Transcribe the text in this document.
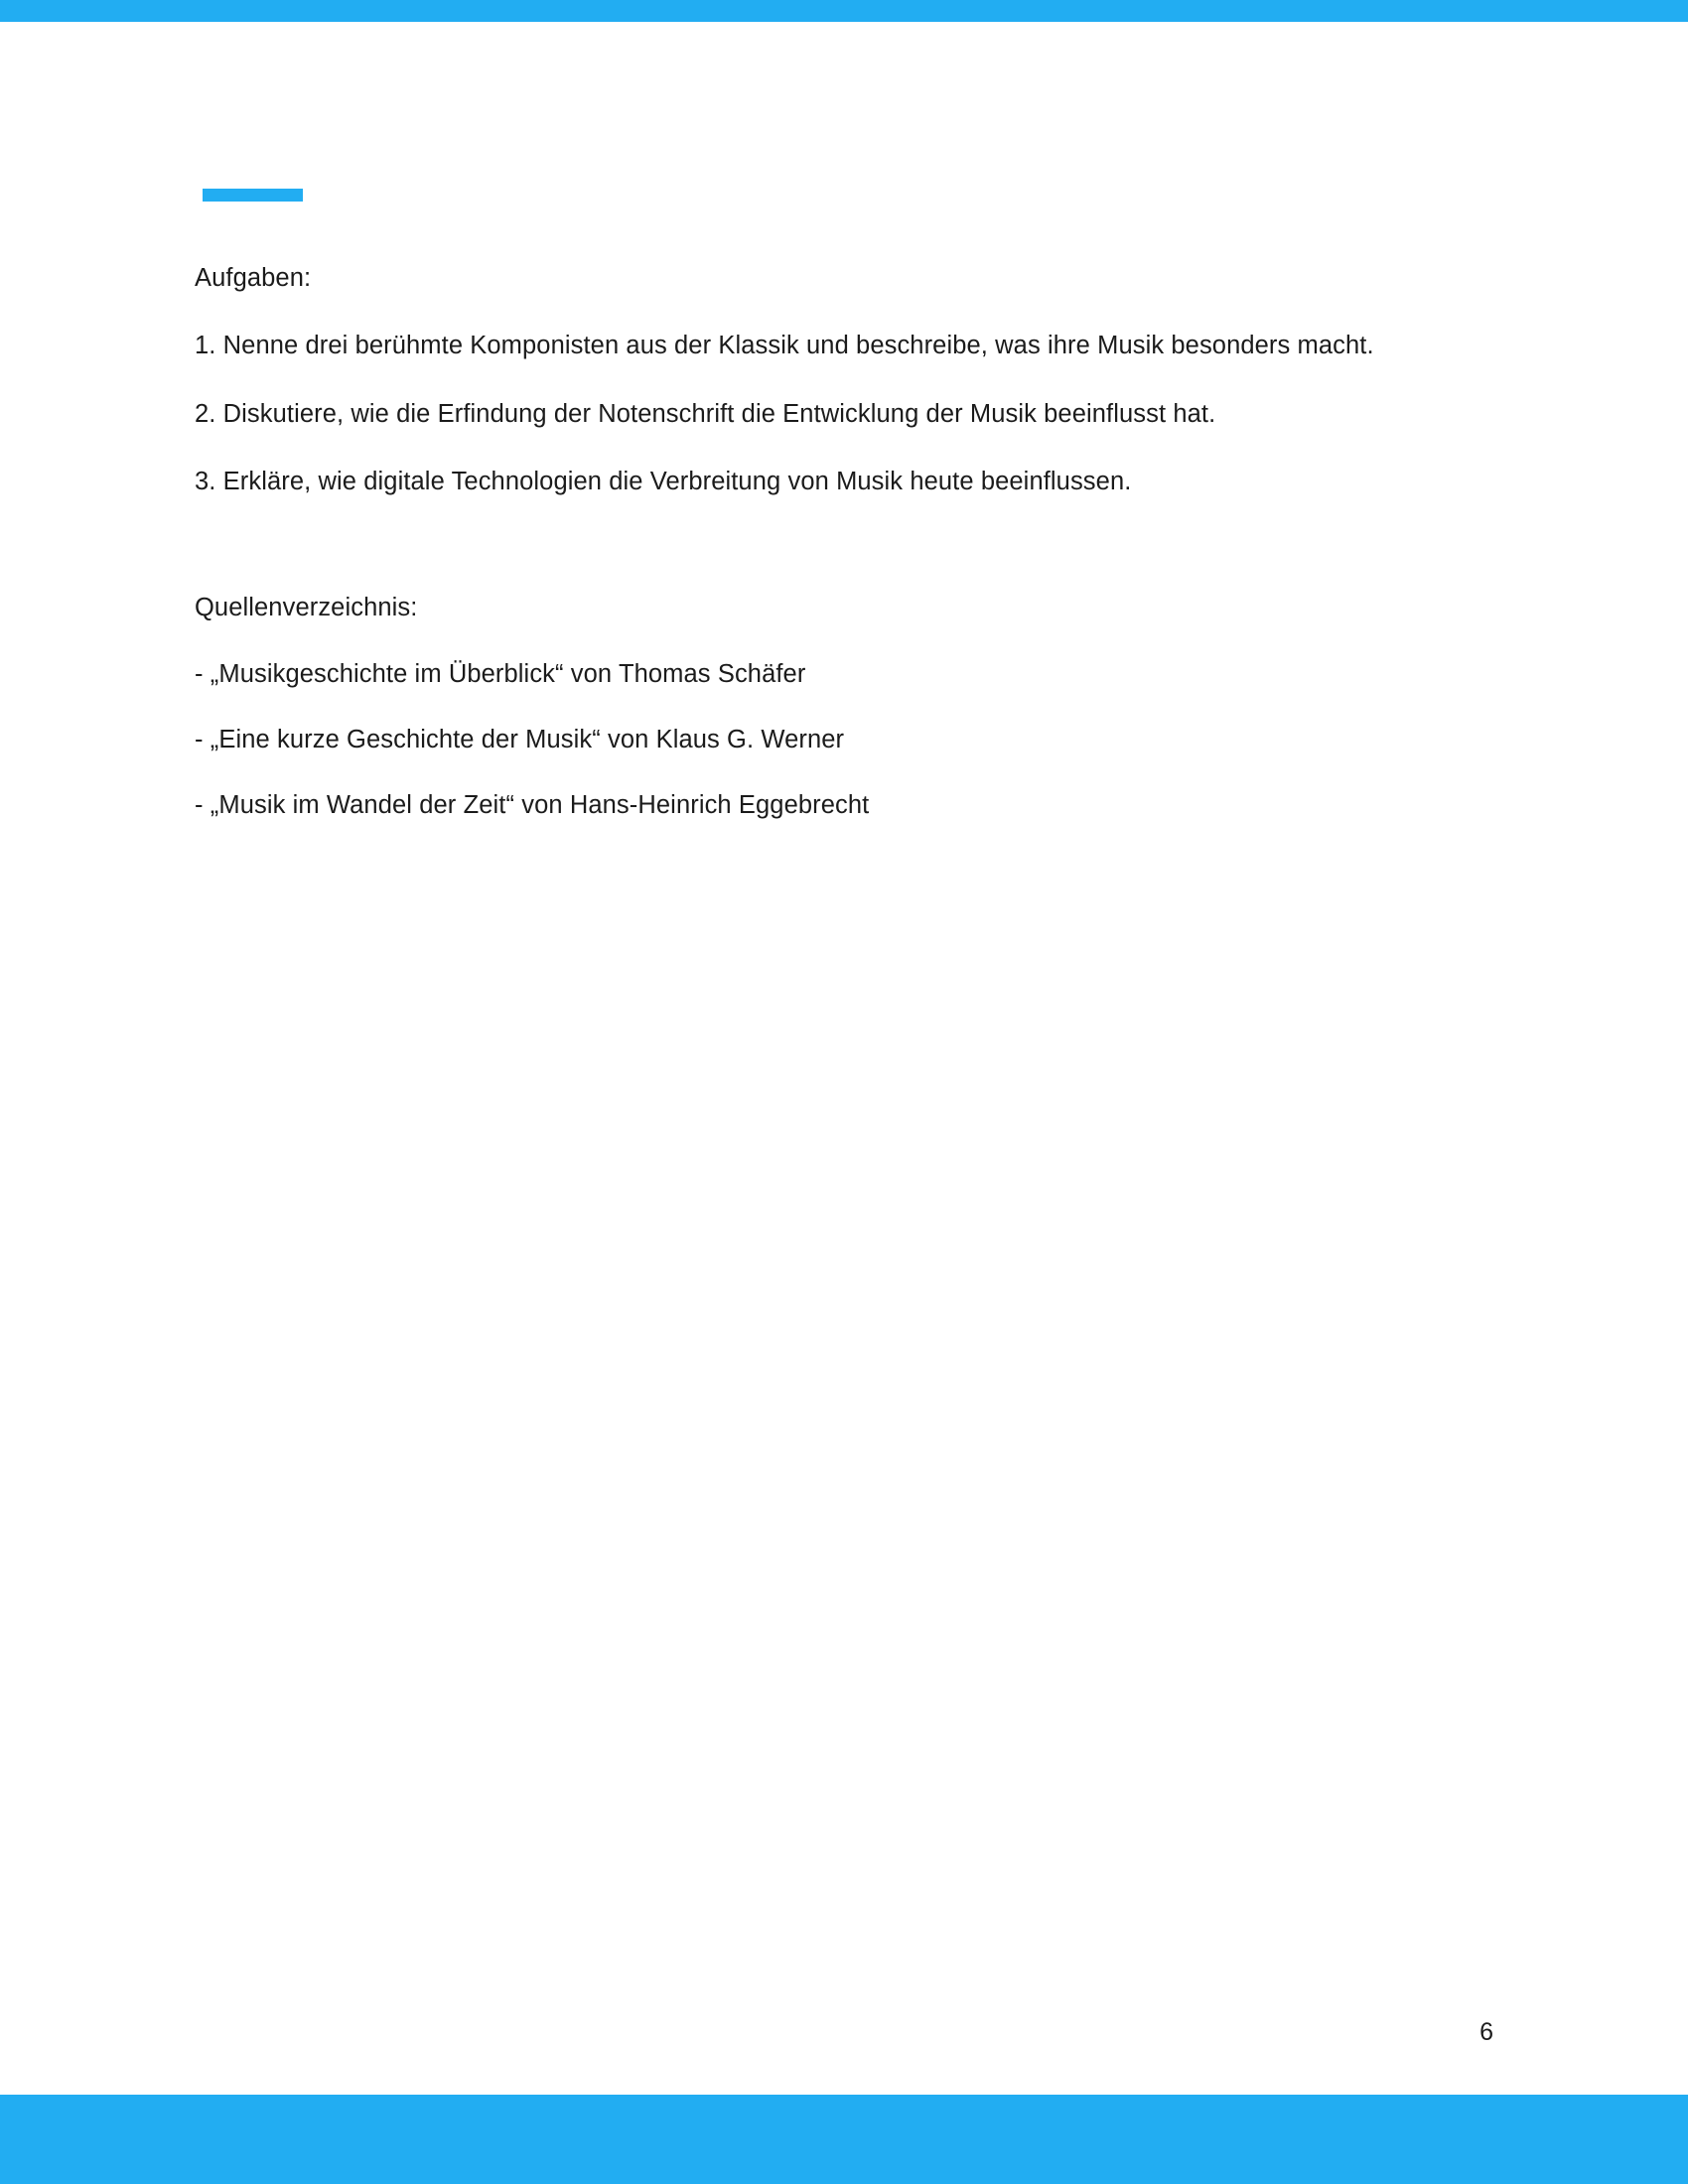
Aufgaben:

1. Nenne drei berühmte Komponisten aus der Klassik und beschreibe, was ihre Musik besonders macht.

2. Diskutiere, wie die Erfindung der Notenschrift die Entwicklung der Musik beeinflusst hat.

3. Erkläre, wie digitale Technologien die Verbreitung von Musik heute beeinflussen.

Quellenverzeichnis:

- „Musikgeschichte im Überblick“ von Thomas Schäfer

- „Eine kurze Geschichte der Musik“ von Klaus G. Werner

- „Musik im Wandel der Zeit“ von Hans-Heinrich Eggebrecht

6
